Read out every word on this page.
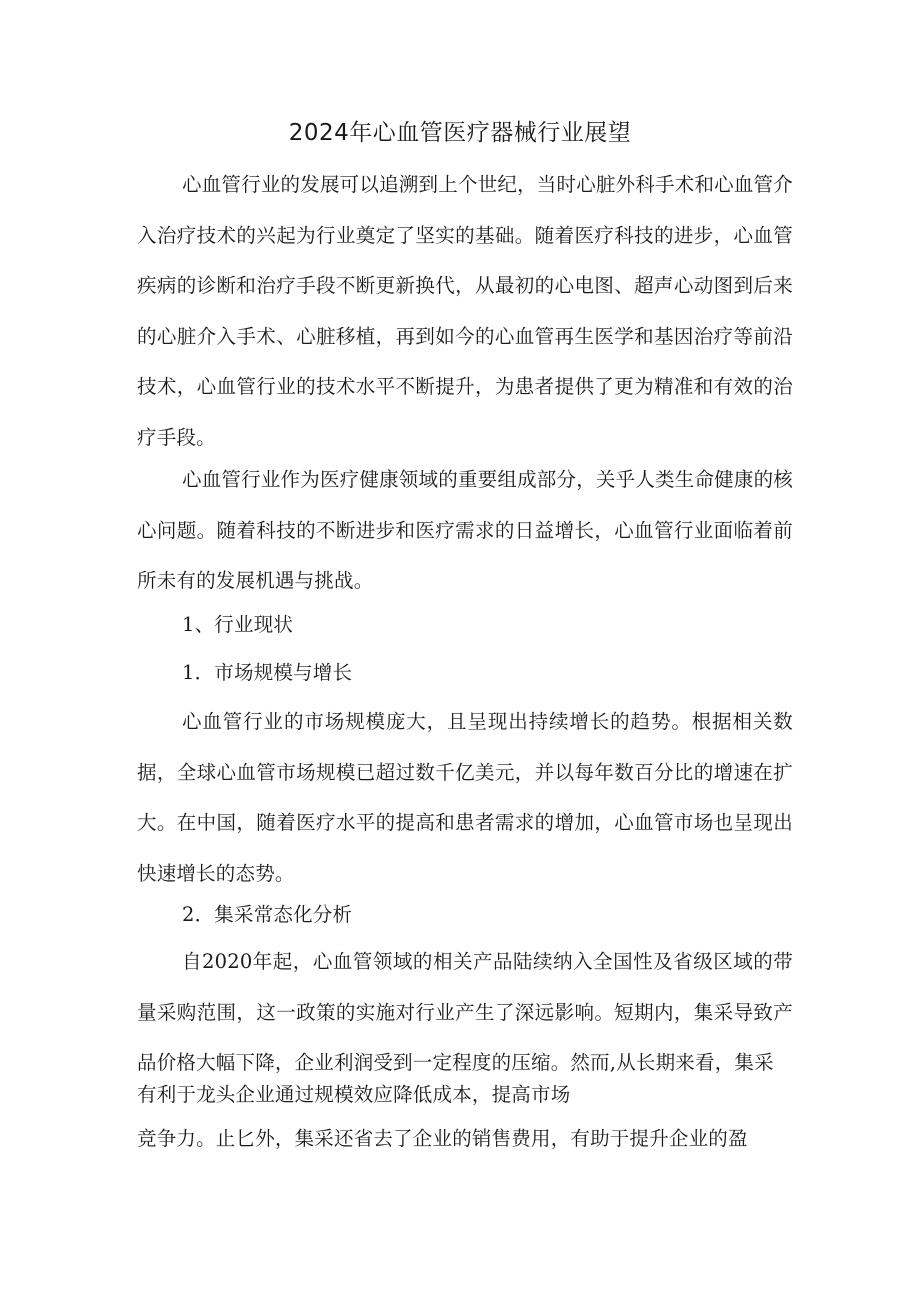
2024年心血管医疗器械行业展望
心血管行业的发展可以追溯到上个世纪，当时心脏外科手术和心血管介入治疗技术的兴起为行业奠定了坚实的基础。随着医疗科技的进步，心血管疾病的诊断和治疗手段不断更新换代，从最初的心电图、超声心动图到后来的心脏介入手术、心脏移植，再到如今的心血管再生医学和基因治疗等前沿技术，心血管行业的技术水平不断提升，为患者提供了更为精准和有效的治疗手段。
心血管行业作为医疗健康领域的重要组成部分，关乎人类生命健康的核心问题。随着科技的不断进步和医疗需求的日益增长，心血管行业面临着前所未有的发展机遇与挑战。
1、行业现状
1．市场规模与增长
心血管行业的市场规模庞大，且呈现出持续增长的趋势。根据相关数据，全球心血管市场规模已超过数千亿美元，并以每年数百分比的增速在扩大。在中国，随着医疗水平的提高和患者需求的增加，心血管市场也呈现出快速增长的态势。
2．集采常态化分析
自2020年起，心血管领域的相关产品陆续纳入全国性及省级区域的带量采购范围，这一政策的实施对行业产生了深远影响。短期内，集采导致产品价格大幅下降，企业利润受到一定程度的压缩。然而,从长期来看，集采
有利于龙头企业通过规模效应降低成本，提高市场
竞争力。止匕外，集采还省去了企业的销售费用，有助于提升企业的盈
